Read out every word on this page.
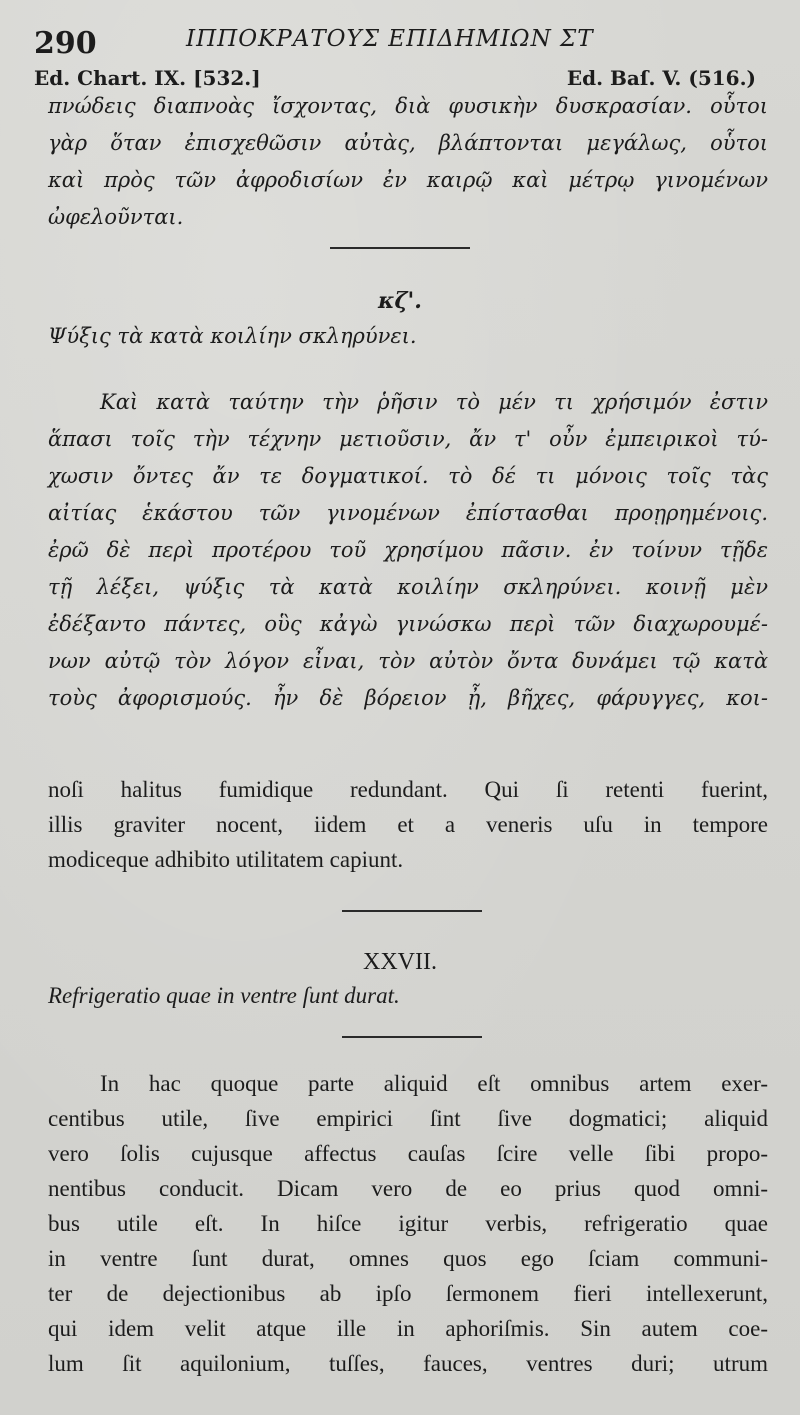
290	ΙΠΠΟΚΡΑΤΟΥΣ ΕΠΙΔΗΜΙΩΝ ΣΤ
Ed. Chart. IX. [532.]	Ed. Baſ. V. (516.)
πνώδεις διαπνοὰς ἴσχοντας, διὰ φυσικὴν δυσκρασίαν. οὗτοι
γὰρ ὅταν ἐπισχεθῶσιν αὐτὰς, βλάπτονται μεγάλως, οὗτοι
καὶ πρὸς τῶν ἀφροδισίων ἐν καιρῷ καὶ μέτρῳ γινομένων
ὠφελοῦνται.
κζ'.
Ψύξις τὰ κατὰ κοιλίην σκληρύνει.
Καὶ κατὰ ταύτην τὴν ῥῆσιν τὸ μέν τι χρήσιμόν ἐστιν
ἅπασι τοῖς τὴν τέχνην μετιοῦσιν, ἄν τ' οὖν ἐμπειρικοὶ τύ-
χωσιν ὄντες ἄν τε δογματικοί. τὸ δέ τι μόνοις τοῖς τὰς
αἰτίας ἑκάστου τῶν γινομένων ἐπίστασθαι προῃρημένοις.
ἐρῶ δὲ περὶ προτέρου τοῦ χρησίμου πᾶσιν. ἐν τοίνυν τῇδε
τῇ λέξει, ψύξις τὰ κατὰ κοιλίην σκληρύνει. κοινῇ μὲν
ἐδέξαντο πάντες, οὓς κἀγὼ γινώσκω περὶ τῶν διαχωρουμέ-
νων αὐτῷ τὸν λόγον εἶναι, τὸν αὐτὸν ὄντα δυνάμει τῷ κατὰ
τοὺς ἀφορισμούς. ἦν δὲ βόρειον ᾖ, βῆχες, φάρυγγες, κοι-
noſi halitus fumidique redundant. Qui ſi retenti fuerint,
illis graviter nocent, iidem et a veneris uſu in tempore
modiceque adhibito utilitatem capiunt.
XXVII.
Refrigeratio quae in ventre ſunt durat.
In hac quoque parte aliquid eſt omnibus artem exer-
centibus utile, ſive empirici ſint ſive dogmatici; aliquid
vero ſolis cujusque affectus cauſas ſcire velle ſibi propo-
nentibus conducit. Dicam vero de eo prius quod omni-
bus utile eſt. In hiſce igitur verbis, refrigeratio quae
in ventre ſunt durat, omnes quos ego ſciam communi-
ter de dejectionibus ab ipſo ſermonem fieri intellexerunt,
qui idem velit atque ille in aphoriſmis. Sin autem coe-
lum ſit aquilonium, tuſſes, fauces, ventres duri; utrum
